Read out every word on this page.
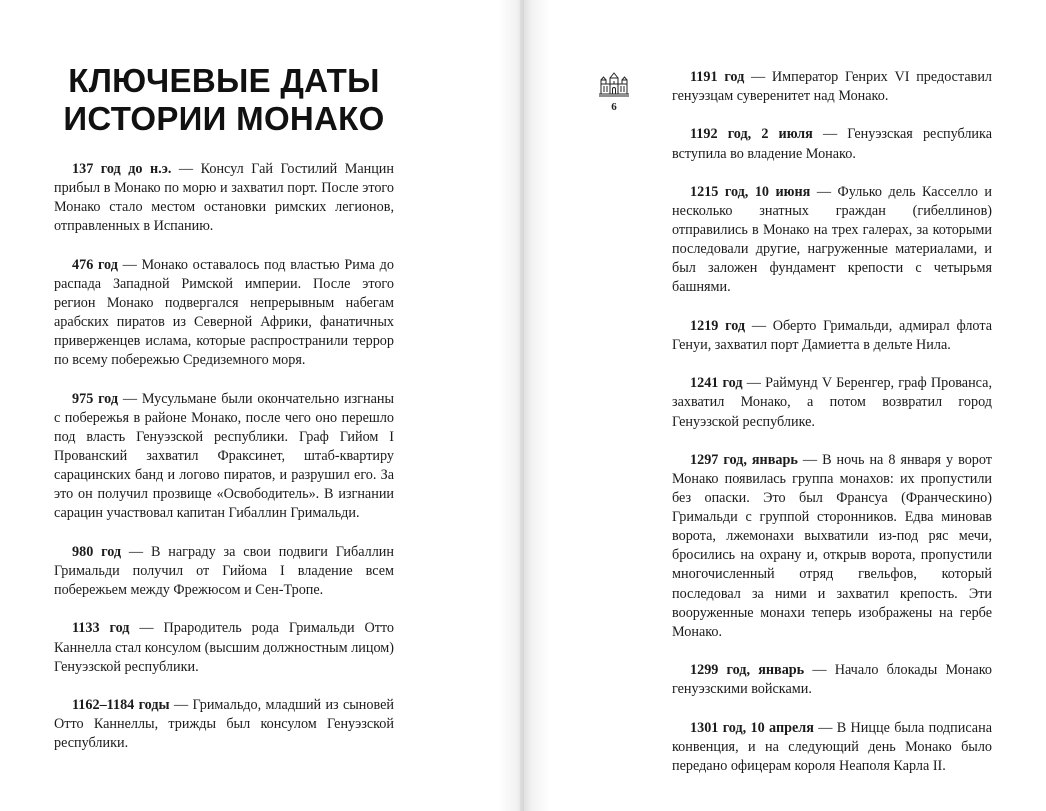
КЛЮЧЕВЫЕ ДАТЫ
ИСТОРИИ МОНАКО

137 год до н.э. — Консул Гай Гостилий Манцин прибыл в Монако по морю и захватил порт. После этого Монако стало местом остановки римских легионов, отправленных в Испанию.

476 год — Монако оставалось под властью Рима до распада Западной Римской империи. После этого регион Монако подвергался непрерывным набегам арабских пиратов из Северной Африки, фанатичных приверженцев ислама, которые распространили террор по всему побережью Средиземного моря.

975 год — Мусульмане были окончательно изгнаны с побережья в районе Монако, после чего оно перешло под власть Генуэзской республики. Граф Гийом I Прованский захватил Фраксинет, штаб-квартиру сарацинских банд и логово пиратов, и разрушил его. За это он получил прозвище «Освободитель». В изгнании сарацин участвовал капитан Гибаллин Гримальди.

980 год — В награду за свои подвиги Гибаллин Гримальди получил от Гийома I владение всем побережьем между Фрежюсом и Сен-Тропе.

1133 год — Прародитель рода Гримальди Отто Каннелла стал консулом (высшим должностным лицом) Генуэзской республики.

1162–1184 годы — Гримальдо, младший из сыновей Отто Каннеллы, трижды был консулом Генуэзской республики.

6

1191 год — Император Генрих VI предоставил генуэзцам суверенитет над Монако.

1192 год, 2 июля — Генуэзская республика вступила во владение Монако.

1215 год, 10 июня — Фулько дель Касселло и несколько знатных граждан (гибеллинов) отправились в Монако на трех галерах, за которыми последовали другие, нагруженные материалами, и был заложен фундамент крепости с четырьмя башнями.

1219 год — Оберто Гримальди, адмирал флота Генуи, захватил порт Дамиетта в дельте Нила.

1241 год — Раймунд V Беренгер, граф Прованса, захватил Монако, а потом возвратил город Генуэзской республике.

1297 год, январь — В ночь на 8 января у ворот Монако появилась группа монахов: их пропустили без опаски. Это был Франсуа (Франческино) Гримальди с группой сторонников. Едва миновав ворота, лжемонахи выхватили из-под ряс мечи, бросились на охрану и, открыв ворота, пропустили многочисленный отряд гвельфов, который последовал за ними и захватил крепость. Эти вооруженные монахи теперь изображены на гербе Монако.

1299 год, январь — Начало блокады Монако генуэзскими войсками.

1301 год, 10 апреля — В Ницце была подписана конвенция, и на следующий день Монако было передано офицерам короля Неаполя Карла II.
